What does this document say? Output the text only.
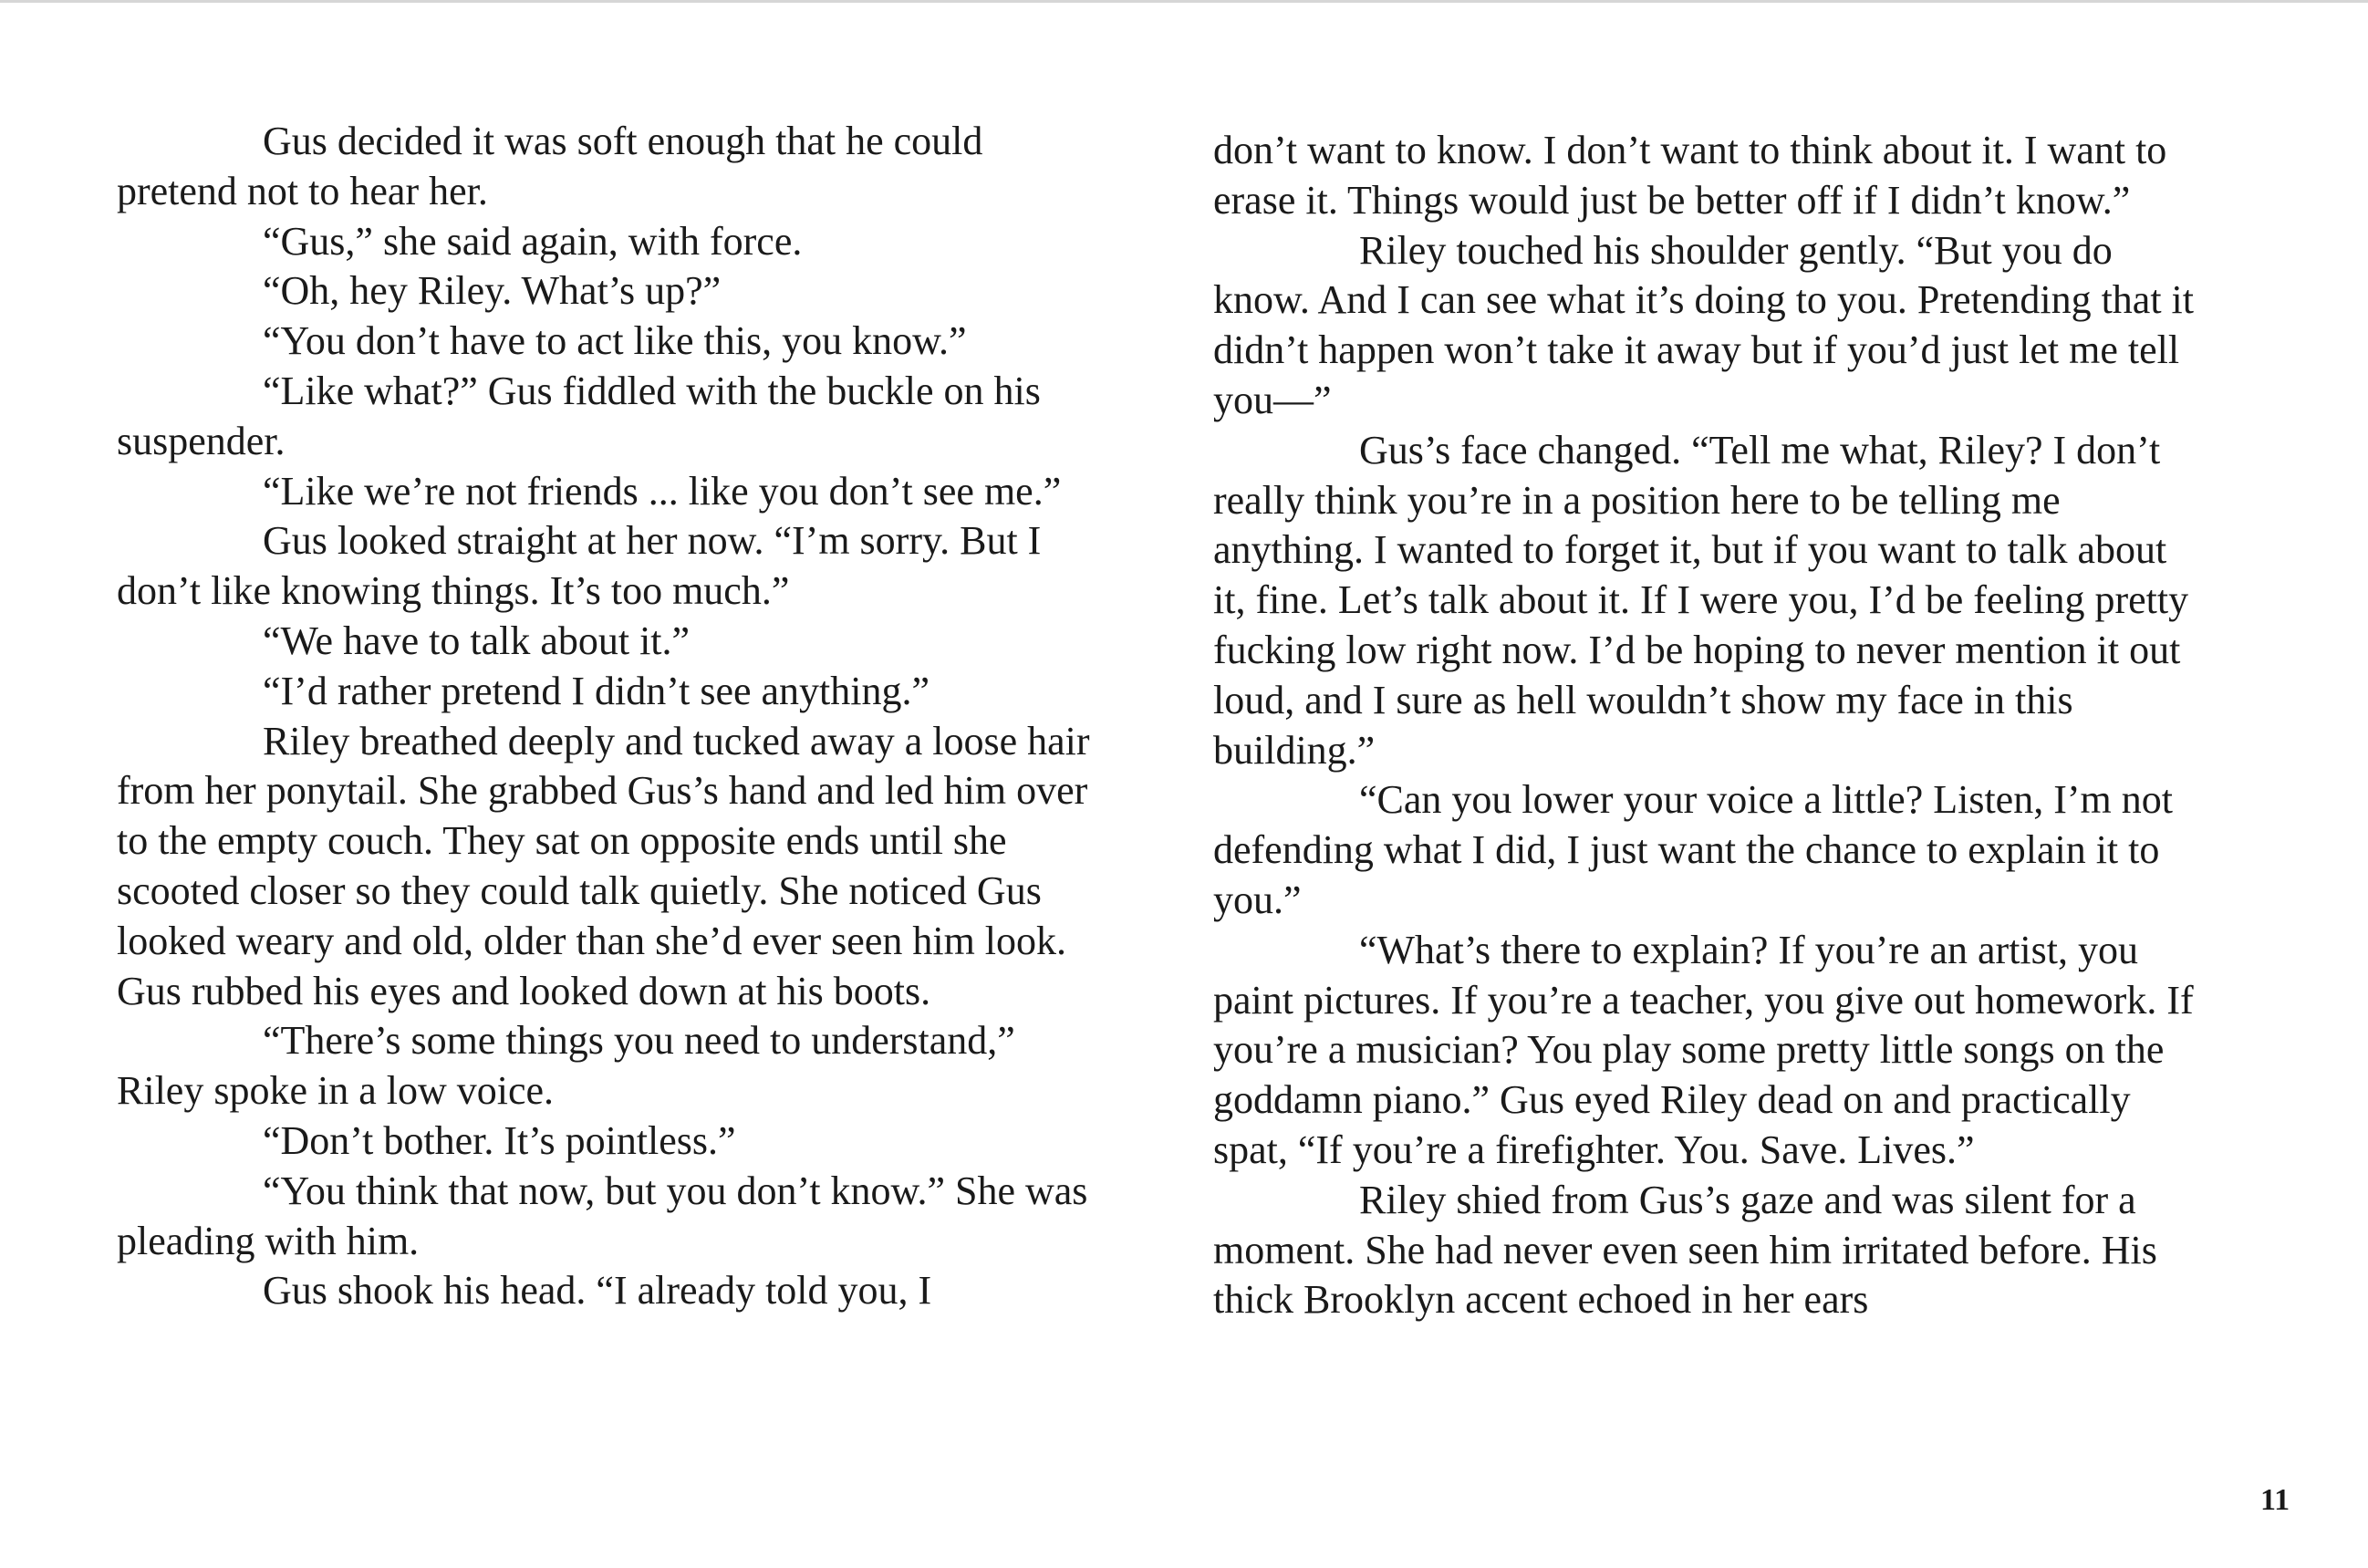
Gus decided it was soft enough that he could pretend not to hear her.

“Gus,” she said again, with force.

“Oh, hey Riley. What’s up?”

“You don’t have to act like this, you know.”

“Like what?” Gus fiddled with the buckle on his suspender.

“Like we’re not friends ... like you don’t see me.”

Gus looked straight at her now. “I’m sorry. But I don’t like knowing things. It’s too much.”

“We have to talk about it.”

“I’d rather pretend I didn’t see anything.”

Riley breathed deeply and tucked away a loose hair from her ponytail. She grabbed Gus’s hand and led him over to the empty couch. They sat on opposite ends until she scooted closer so they could talk quietly. She noticed Gus looked weary and old, older than she’d ever seen him look. Gus rubbed his eyes and looked down at his boots.

“There’s some things you need to understand,” Riley spoke in a low voice.

“Don’t bother. It’s pointless.”

“You think that now, but you don’t know.” She was pleading with him.

Gus shook his head. “I already told you, I

don’t want to know. I don’t want to think about it. I want to erase it. Things would just be better off if I didn’t know.”

Riley touched his shoulder gently. “But you do know. And I can see what it’s doing to you. Pretending that it didn’t happen won’t take it away but if you’d just let me tell you—”

Gus’s face changed. “Tell me what, Riley? I don’t really think you’re in a position here to be telling me anything. I wanted to forget it, but if you want to talk about it, fine. Let’s talk about it. If I were you, I’d be feeling pretty fucking low right now. I’d be hoping to never mention it out loud, and I sure as hell wouldn’t show my face in this building.”

“Can you lower your voice a little? Listen, I’m not defending what I did, I just want the chance to explain it to you.”

“What’s there to explain? If you’re an artist, you paint pictures. If you’re a teacher, you give out homework. If you’re a musician? You play some pretty little songs on the goddamn piano.” Gus eyed Riley dead on and practically spat, “If you’re a firefighter. You. Save. Lives.”

Riley shied from Gus’s gaze and was silent for a moment. She had never even seen him irritated before. His thick Brooklyn accent echoed in her ears

11
